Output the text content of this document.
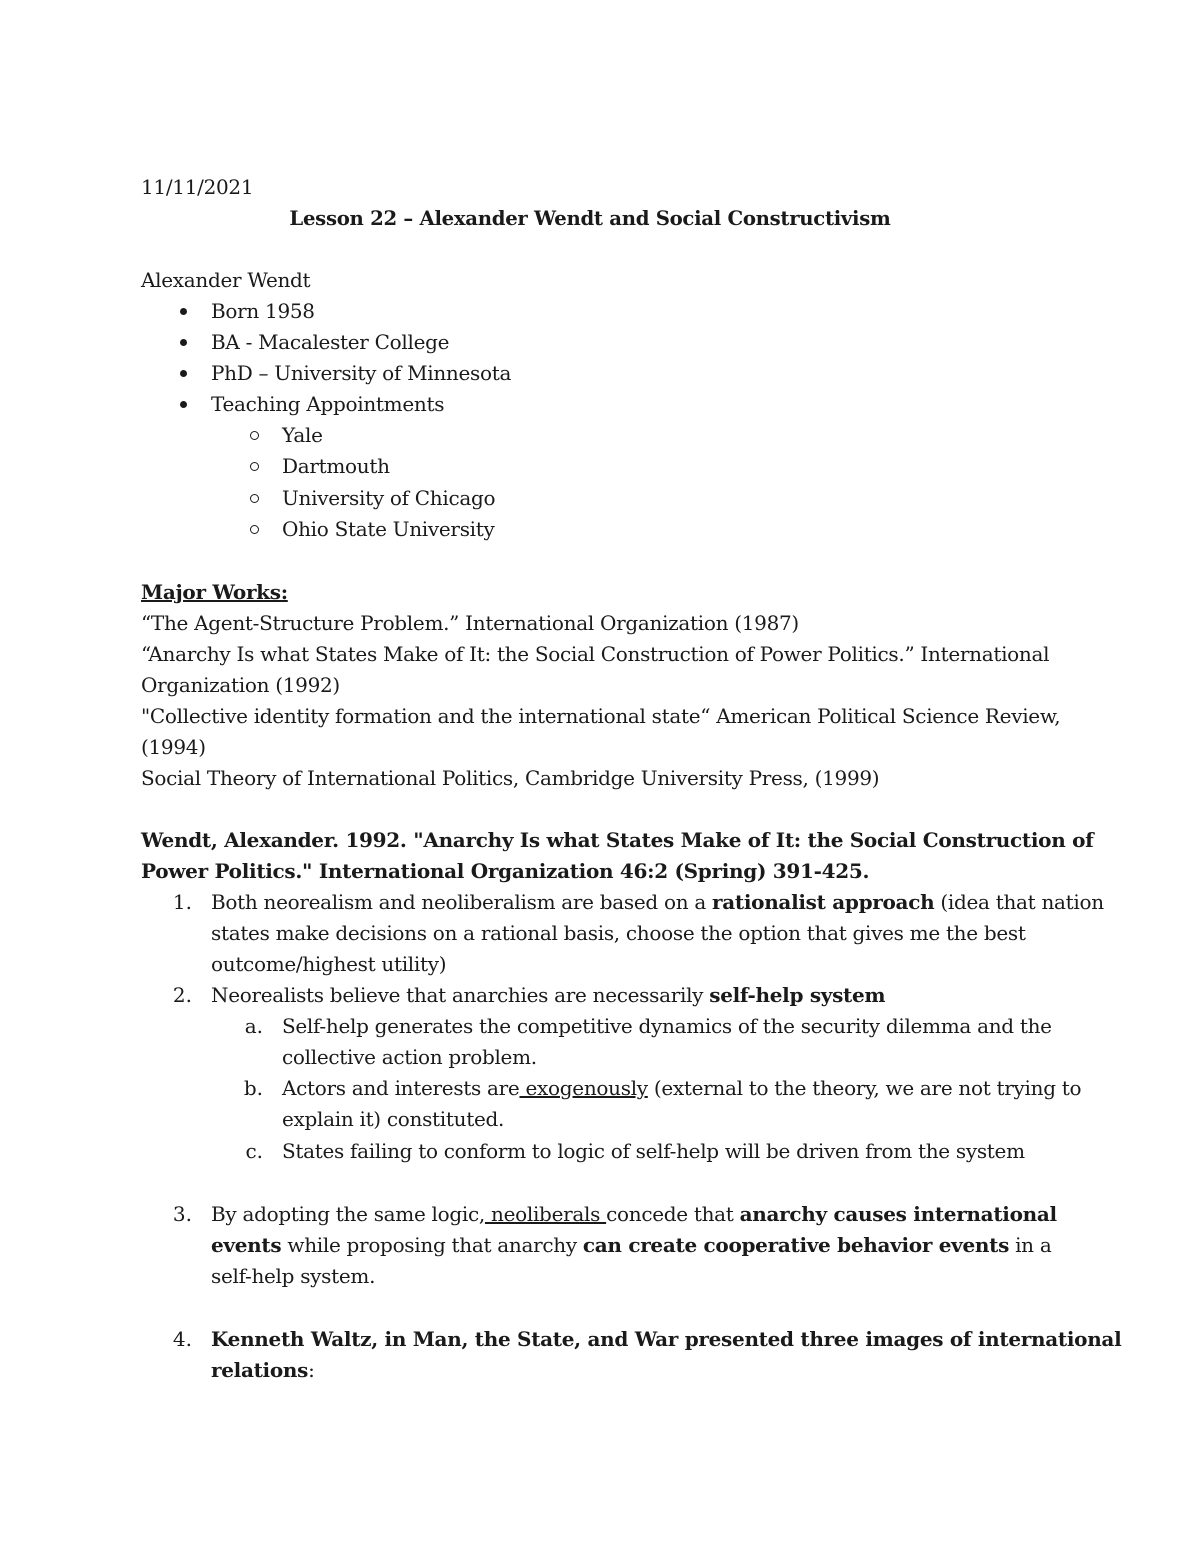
11/11/2021
Lesson 22 – Alexander Wendt and Social Constructivism
Alexander Wendt
Born 1958
BA - Macalester College
PhD – University of Minnesota
Teaching Appointments
Yale
Dartmouth
University of Chicago
Ohio State University
Major Works:
“The Agent-Structure Problem.” International Organization (1987)
“Anarchy Is what States Make of It: the Social Construction of Power Politics.” International
Organization (1992)
"Collective identity formation and the international state“ American Political Science Review,
(1994)
Social Theory of International Politics, Cambridge University Press, (1999)
Wendt, Alexander. 1992. "Anarchy Is what States Make of It: the Social Construction of
Power Politics." International Organization 46:2 (Spring) 391-425.
1. Both neorealism and neoliberalism are based on a rationalist approach (idea that nation
states make decisions on a rational basis, choose the option that gives me the best
outcome/highest utility)
2. Neorealists believe that anarchies are necessarily self-help system
a. Self-help generates the competitive dynamics of the security dilemma and the
collective action problem.
b. Actors and interests are exogenously (external to the theory, we are not trying to
explain it) constituted.
c. States failing to conform to logic of self-help will be driven from the system
3. By adopting the same logic, neoliberals concede that anarchy causes international
events while proposing that anarchy can create cooperative behavior events in a
self-help system.
4. Kenneth Waltz, in Man, the State, and War presented three images of international
relations:
